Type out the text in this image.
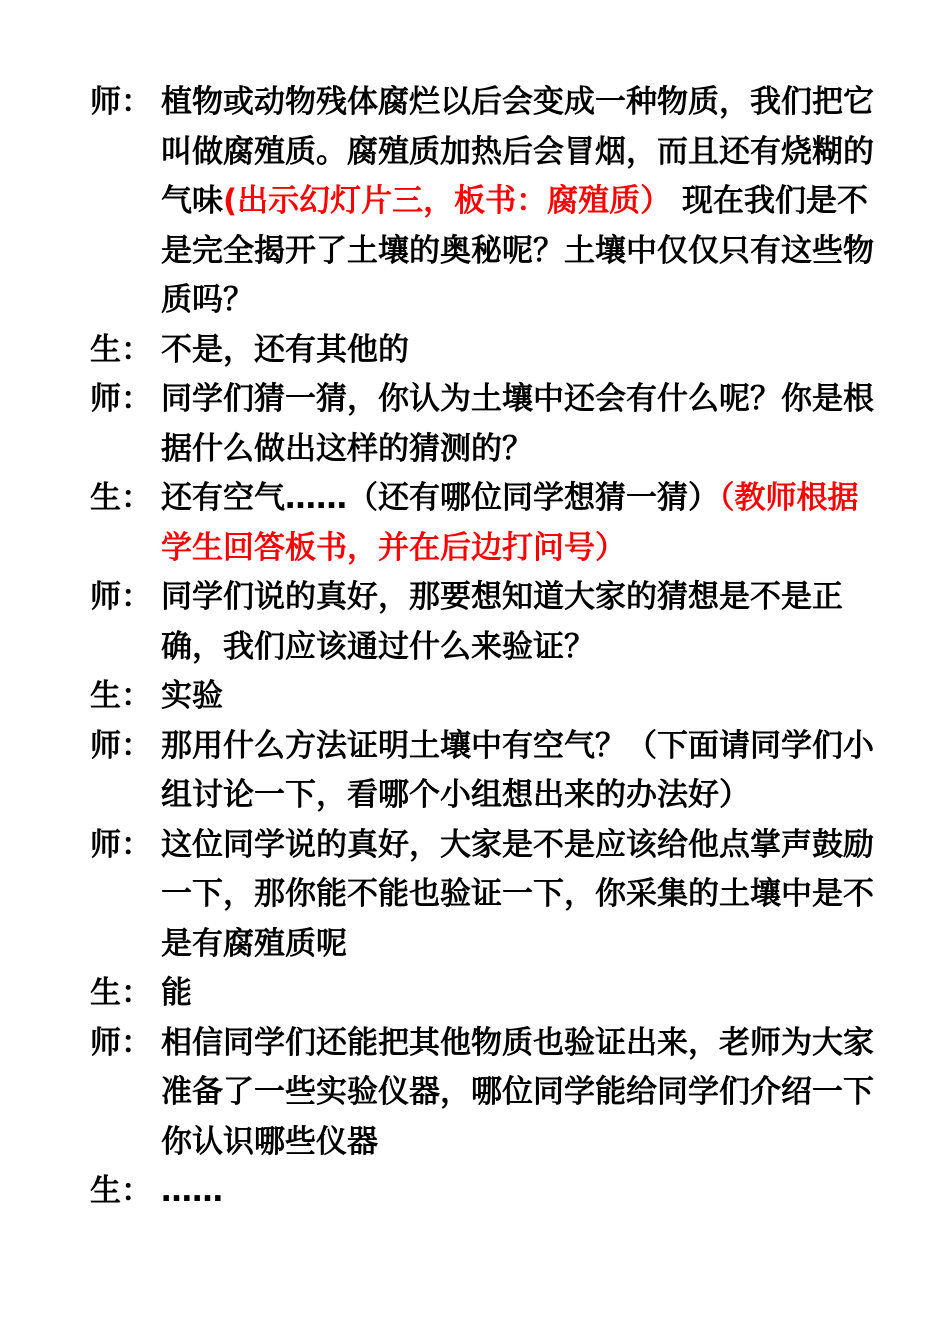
师： 植物或动物残体腐烂以后会变成一种物质，我们把它叫做腐殖质。腐殖质加热后会冒烟，而且还有烧糊的气味(出示幻灯片三，板书：腐殖质） 现在我们是不是完全揭开了土壤的奥秘呢？土壤中仅仅只有这些物质吗？
生： 不是，还有其他的
师： 同学们猜一猜，你认为土壤中还会有什么呢？你是根据什么做出这样的猜测的？
生： 还有空气……（还有哪位同学想猜一猜）（教师根据学生回答板书，并在后边打问号）
师： 同学们说的真好，那要想知道大家的猜想是不是正确，我们应该通过什么来验证？
生： 实验
师： 那用什么方法证明土壤中有空气？（下面请同学们小组讨论一下，看哪个小组想出来的办法好）
师： 这位同学说的真好，大家是不是应该给他点掌声鼓励一下，那你能不能也验证一下，你采集的土壤中是不是有腐殖质呢
生： 能
师： 相信同学们还能把其他物质也验证出来，老师为大家准备了一些实验仪器，哪位同学能给同学们介绍一下你认识哪些仪器
生： ……
